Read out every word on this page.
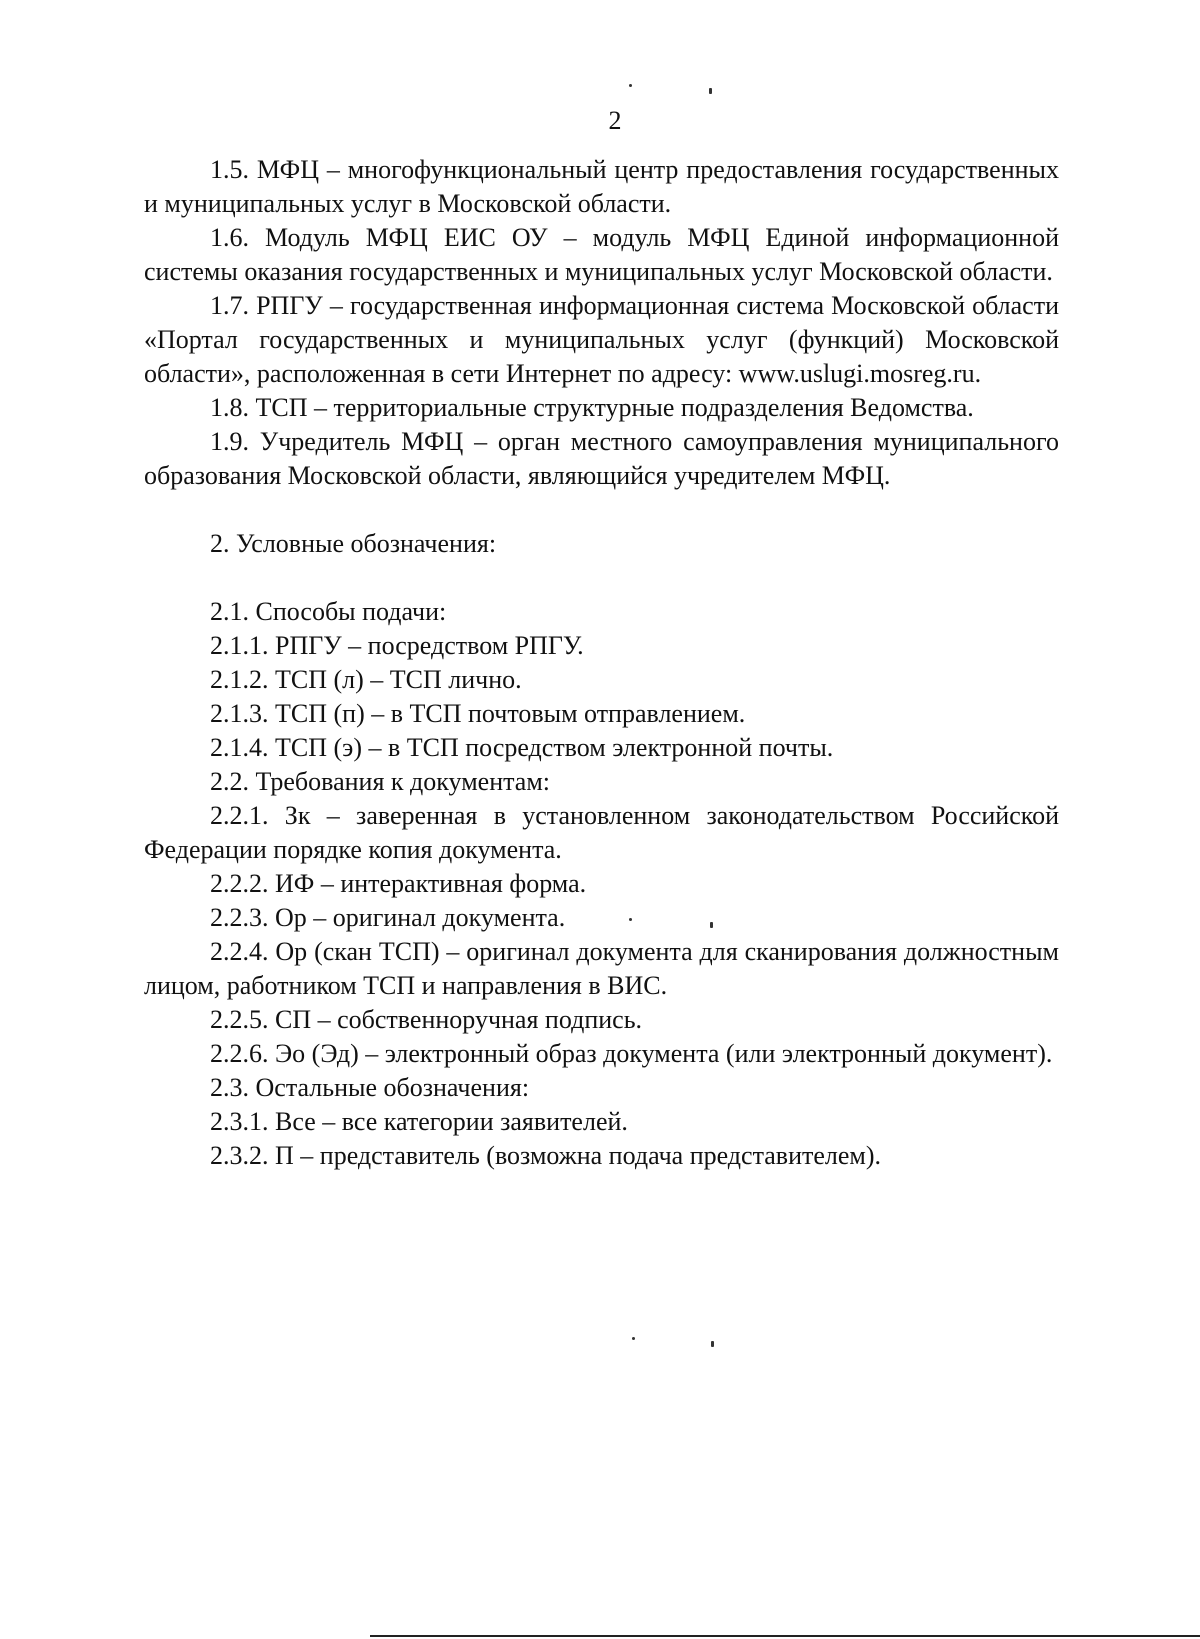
2

1.5. МФЦ – многофункциональный центр предоставления государственных и муниципальных услуг в Московской области.

1.6. Модуль МФЦ ЕИС ОУ – модуль МФЦ Единой информационной системы оказания государственных и муниципальных услуг Московской области.

1.7. РПГУ – государственная информационная система Московской области «Портал государственных и муниципальных услуг (функций) Московской области», расположенная в сети Интернет по адресу: www.uslugi.mosreg.ru.

1.8. ТСП – территориальные структурные подразделения Ведомства.

1.9. Учредитель МФЦ – орган местного самоуправления муниципального образования Московской области, являющийся учредителем МФЦ.

2. Условные обозначения:

2.1. Способы подачи:

2.1.1. РПГУ – посредством РПГУ.

2.1.2. ТСП (л) – ТСП лично.

2.1.3. ТСП (п) – в ТСП почтовым отправлением.

2.1.4. ТСП (э) – в ТСП посредством электронной почты.

2.2. Требования к документам:

2.2.1. Зк – заверенная в установленном законодательством Российской Федерации порядке копия документа.

2.2.2. ИФ – интерактивная форма.

2.2.3. Ор – оригинал документа.

2.2.4. Ор (скан ТСП) – оригинал документа для сканирования должностным лицом, работником ТСП и направления в ВИС.

2.2.5. СП – собственноручная подпись.

2.2.6. Эо (Эд) – электронный образ документа (или электронный документ).

2.3. Остальные обозначения:

2.3.1. Все – все категории заявителей.

2.3.2. П – представитель (возможна подача представителем).
